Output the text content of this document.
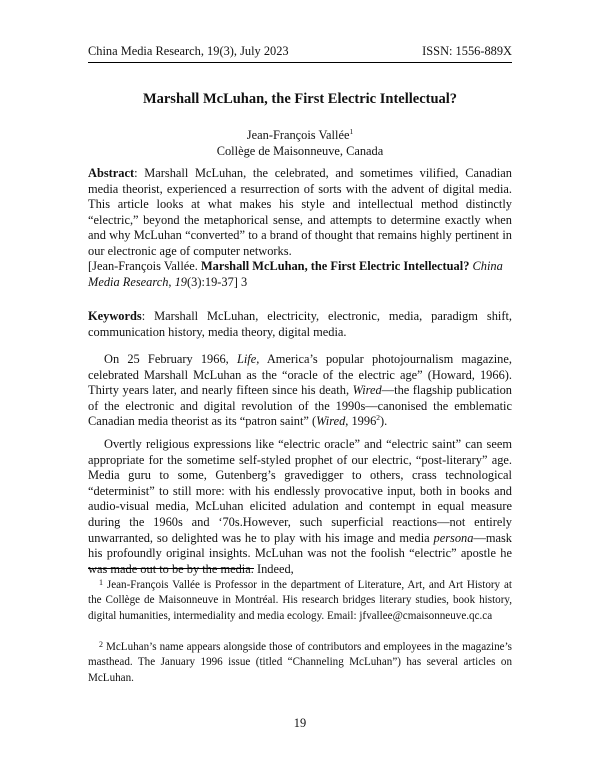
China Media Research, 19(3), July 2023	ISSN: 1556-889X
Marshall McLuhan, the First Electric Intellectual?
Jean-François Vallée$^1$
Collège de Maisonneuve, Canada
Abstract: Marshall McLuhan, the celebrated, and sometimes vilified, Canadian media theorist, experienced a resurrection of sorts with the advent of digital media. This article looks at what makes his style and intellectual method distinctly “electric,” beyond the metaphorical sense, and attempts to determine exactly when and why McLuhan “converted” to a brand of thought that remains highly pertinent in our electronic age of computer networks.
[Jean-François Vallée. Marshall McLuhan, the First Electric Intellectual? China Media Research, 19(3):19-37] 3
Keywords: Marshall McLuhan, electricity, electronic, media, paradigm shift, communication history, media theory, digital media.
On 25 February 1966, Life, America’s popular photojournalism magazine, celebrated Marshall McLuhan as the “oracle of the electric age” (Howard, 1966). Thirty years later, and nearly fifteen since his death, Wired—the flagship publication of the electronic and digital revolution of the 1990s—canonised the emblematic Canadian media theorist as its “patron saint” (Wired, 1996$^2$).
Overtly religious expressions like “electric oracle” and “electric saint” can seem appropriate for the sometime self-styled prophet of our electric, “post-literary” age. Media guru to some, Gutenberg’s gravedigger to others, crass technological “determinist” to still more: with his endlessly provocative input, both in books and audio-visual media, McLuhan elicited adulation and contempt in equal measure during the 1960s and ‘70s.However, such superficial reactions—not entirely unwarranted, so delighted was he to play with his image and media persona—mask his profoundly original insights. McLuhan was not the foolish “electric” apostle he was made out to be by the media. Indeed,
$^1$ Jean-François Vallée is Professor in the department of Literature, Art, and Art History at the Collège de Maisonneuve in Montréal. His research bridges literary studies, book history, digital humanities, intermediality and media ecology. Email: jfvallee@cmaisonneuve.qc.ca
$^2$ McLuhan’s name appears alongside those of contributors and employees in the magazine’s masthead. The January 1996 issue (titled “Channeling McLuhan”) has several articles on McLuhan.
19
